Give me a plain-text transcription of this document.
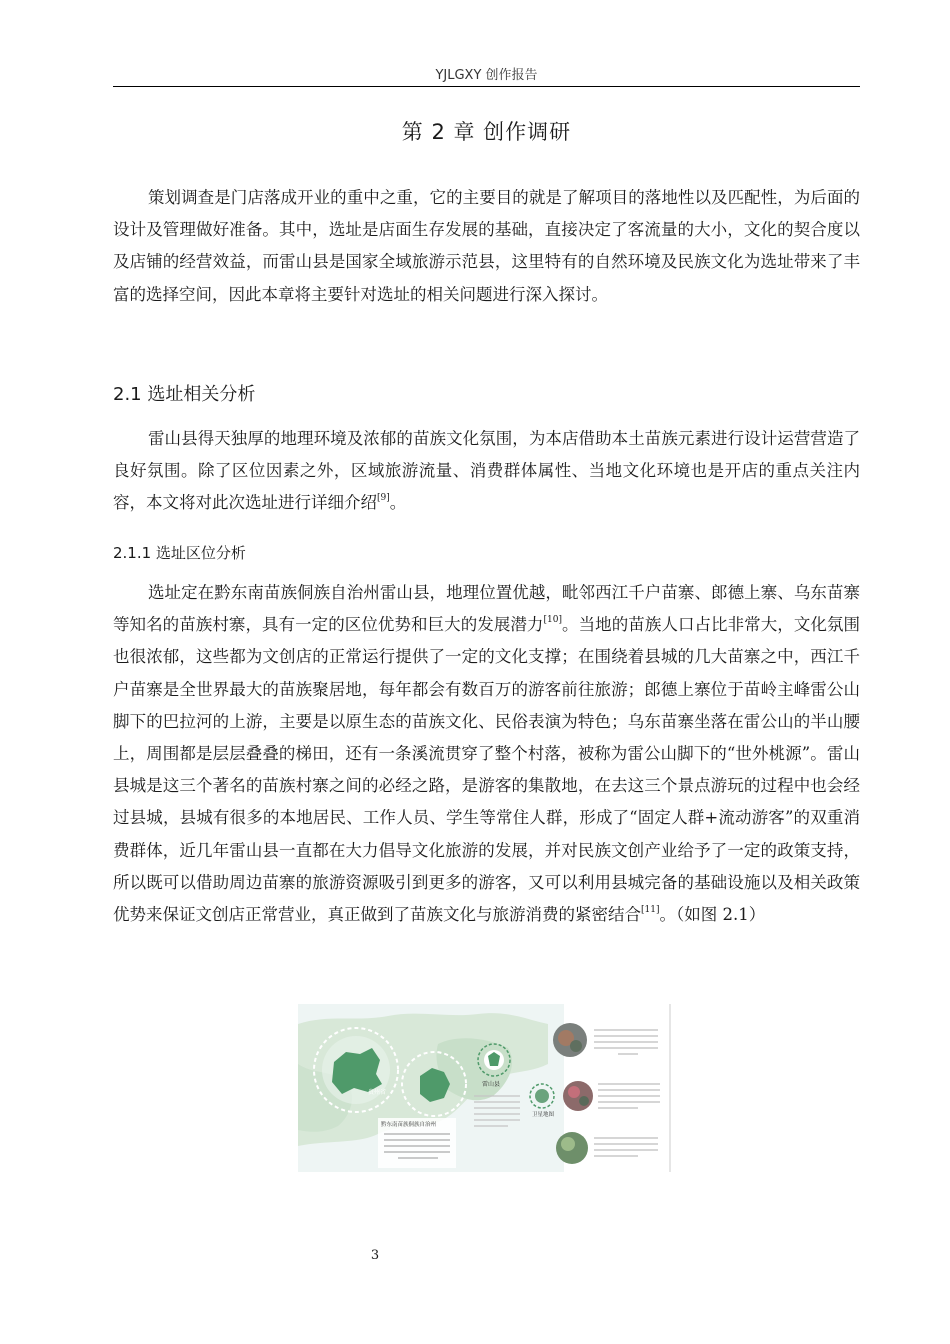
YJLGXY 创作报告
第 2 章 创作调研

策划调查是门店落成开业的重中之重，它的主要目的就是了解项目的落地性以及匹配性，为后面的设计及管理做好准备。其中，选址是店面生存发展的基础，直接决定了客流量的大小，文化的契合度以及店铺的经营效益，而雷山县是国家全域旅游示范县，这里特有的自然环境及民族文化为选址带来了丰富的选择空间，因此本章将主要针对选址的相关问题进行深入探讨。

2.1 选址相关分析

雷山县得天独厚的地理环境及浓郁的苗族文化氛围，为本店借助本土苗族元素进行设计运营营造了良好氛围。除了区位因素之外，区域旅游流量、消费群体属性、当地文化环境也是开店的重点关注内容，本文将对此次选址进行详细介绍[9]。

2.1.1 选址区位分析

选址定在黔东南苗族侗族自治州雷山县，地理位置优越，毗邻西江千户苗寨、郎德上寨、乌东苗寨等知名的苗族村寨，具有一定的区位优势和巨大的发展潜力[10]。当地的苗族人口占比非常大，文化氛围也很浓郁，这些都为文创店的正常运行提供了一定的文化支撑；在围绕着县城的几大苗寨之中，西江千户苗寨是全世界最大的苗族聚居地，每年都会有数百万的游客前往旅游；郎德上寨位于苗岭主峰雷公山脚下的巴拉河的上游，主要是以原生态的苗族文化、民俗表演为特色；乌东苗寨坐落在雷公山的半山腰上，周围都是层层叠叠的梯田，还有一条溪流贯穿了整个村落，被称为雷公山脚下的“世外桃源”。雷山县城是这三个著名的苗族村寨之间的必经之路，是游客的集散地，在去这三个景点游玩的过程中也会经过县城，县城有很多的本地居民、工作人员、学生等常住人群，形成了“固定人群+流动游客”的双重消费群体，近几年雷山县一直都在大力倡导文化旅游的发展，并对民族文创产业给予了一定的政策支持，所以既可以借助周边苗寨的旅游资源吸引到更多的游客，又可以利用县城完备的基础设施以及相关政策优势来保证文创店正常营业，真正做到了苗族文化与旅游消费的紧密结合[11]。（如图 2.1）

贵州省
雷山县
卫星地图
黔东南苗族侗族自治州
3
